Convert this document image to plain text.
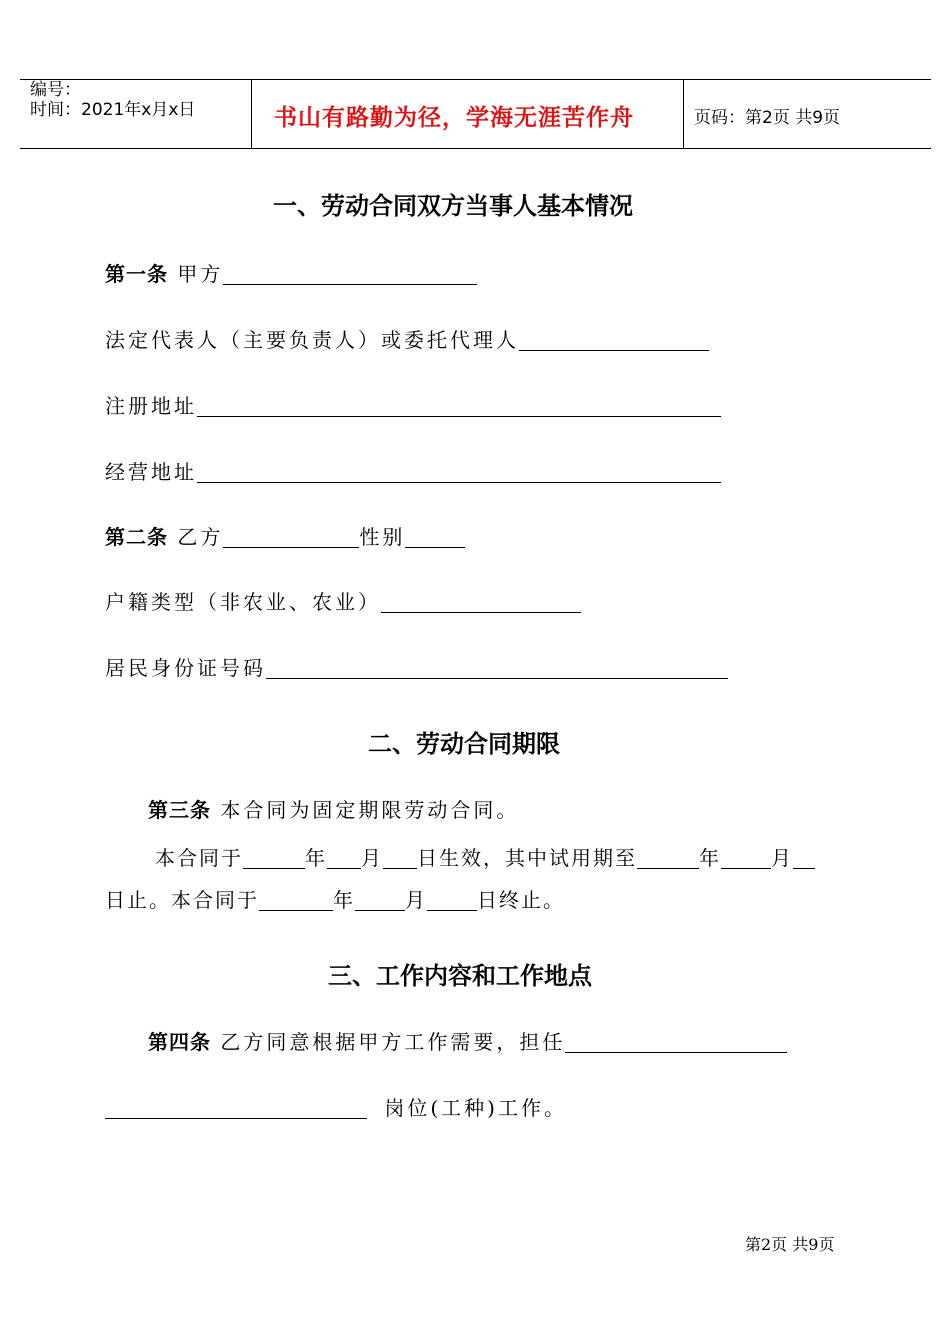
编号：
时间：2021年x月x日	书山有路勤为径，学海无涯苦作舟	页码：第2页 共9页
一、劳动合同双方当事人基本情况
第一条 甲方
法定代表人（主要负责人）或委托代理人
注册地址
经营地址
第二条 乙方	性别
户籍类型（非农业、农业）
居民身份证号码
二、劳动合同期限
第三条 本合同为固定期限劳动合同。
本合同于	年 月 日生效，其中试用期至	年	月
日止。本合同于	年	月	日终止。
三、工作内容和工作地点
第四条 乙方同意根据甲方工作需要，担任
岗位(工种)工作。
第2页 共9页
